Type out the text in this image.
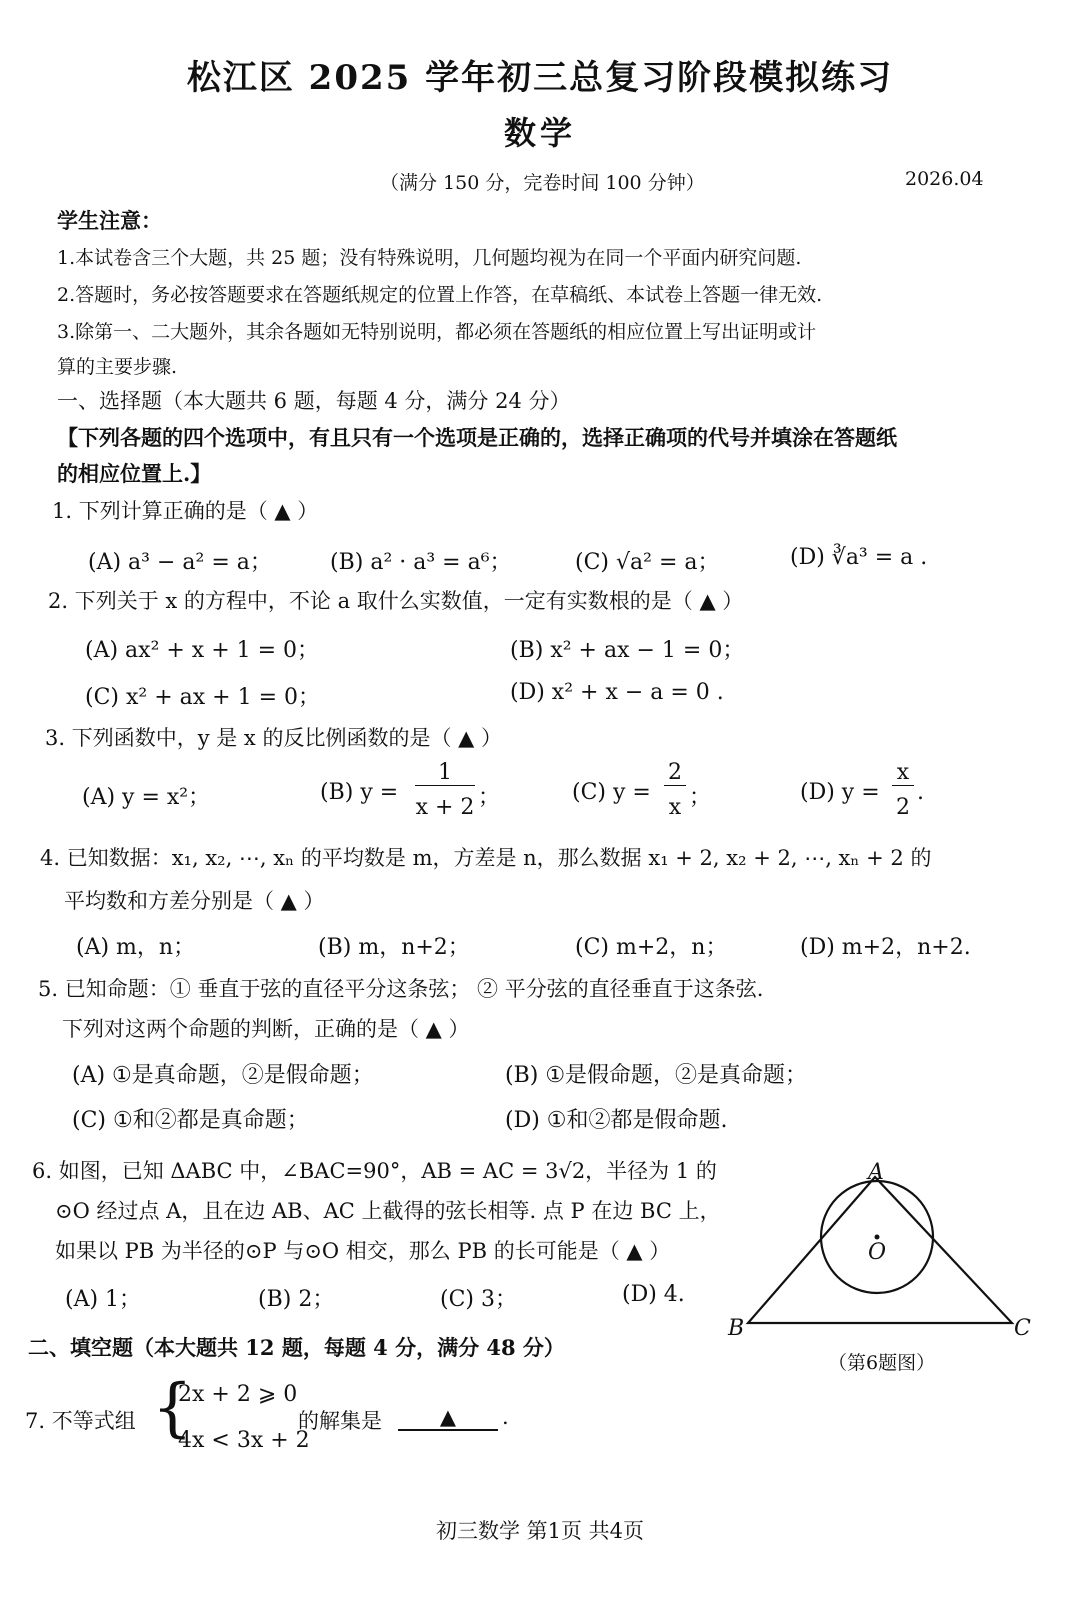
松江区 2025 学年初三总复习阶段模拟练习
数学
（满分 150 分，完卷时间 100 分钟）	2026.04
学生注意：
1.本试卷含三个大题，共 25 题；没有特殊说明，几何题均视为在同一个平面内研究问题.
2.答题时，务必按答题要求在答题纸规定的位置上作答，在草稿纸、本试卷上答题一律无效.
3.除第一、二大题外，其余各题如无特别说明，都必须在答题纸的相应位置上写出证明或计
算的主要步骤.
一、选择题（本大题共 6 题，每题 4 分，满分 24 分）
【下列各题的四个选项中，有且只有一个选项是正确的，选择正确项的代号并填涂在答题纸
的相应位置上.】
1. 下列计算正确的是（ ▲ ）
(A) a³ − a² = a；	(B) a² · a³ = a⁶；	(C) √a² = a；	(D) ∛a³ = a .
2. 下列关于 x 的方程中，不论 a 取什么实数值，一定有实数根的是（ ▲ ）
(A) ax² + x + 1 = 0；	(B) x² + ax − 1 = 0；
(C) x² + ax + 1 = 0；	(D) x² + x − a = 0 .
3. 下列函数中，y 是 x 的反比例函数的是（ ▲ ）
(A) y = x²；	(B) y =
1
x + 2 ；	(C) y =
2
x ；	(D) y =
x
2
.
4. 已知数据：x₁, x₂, ⋯, xₙ 的平均数是 m，方差是 n，那么数据 x₁ + 2, x₂ + 2, ⋯, xₙ + 2 的
平均数和方差分别是（ ▲ ）
(A) m，n；	(B) m，n+2；	(C) m+2，n；	(D) m+2，n+2.
5. 已知命题：① 垂直于弦的直径平分这条弦； ② 平分弦的直径垂直于这条弦.
下列对这两个命题的判断，正确的是（ ▲ ）
(A) ①是真命题，②是假命题；	(B) ①是假命题，②是真命题；
(C) ①和②都是真命题；	(D) ①和②都是假命题.
6. 如图，已知 ΔABC 中，∠BAC=90°，AB = AC = 3√2，半径为 1 的
⊙O 经过点 A，且在边 AB、AC 上截得的弦长相等. 点 P 在边 BC 上，
如果以 PB 为半径的⊙P 与⊙O 相交，那么 PB 的长可能是（ ▲ ）
(A) 1；	(B) 2；	(C) 3；	(D) 4.
A
B	C
O
（第6题图）
二、填空题（本大题共 12 题，每题 4 分，满分 48 分）
7. 不等式组 {
2x + 2 ⩾ 0
4x < 3x + 2
的解集是	▲	.
初三数学 第1页 共4页
